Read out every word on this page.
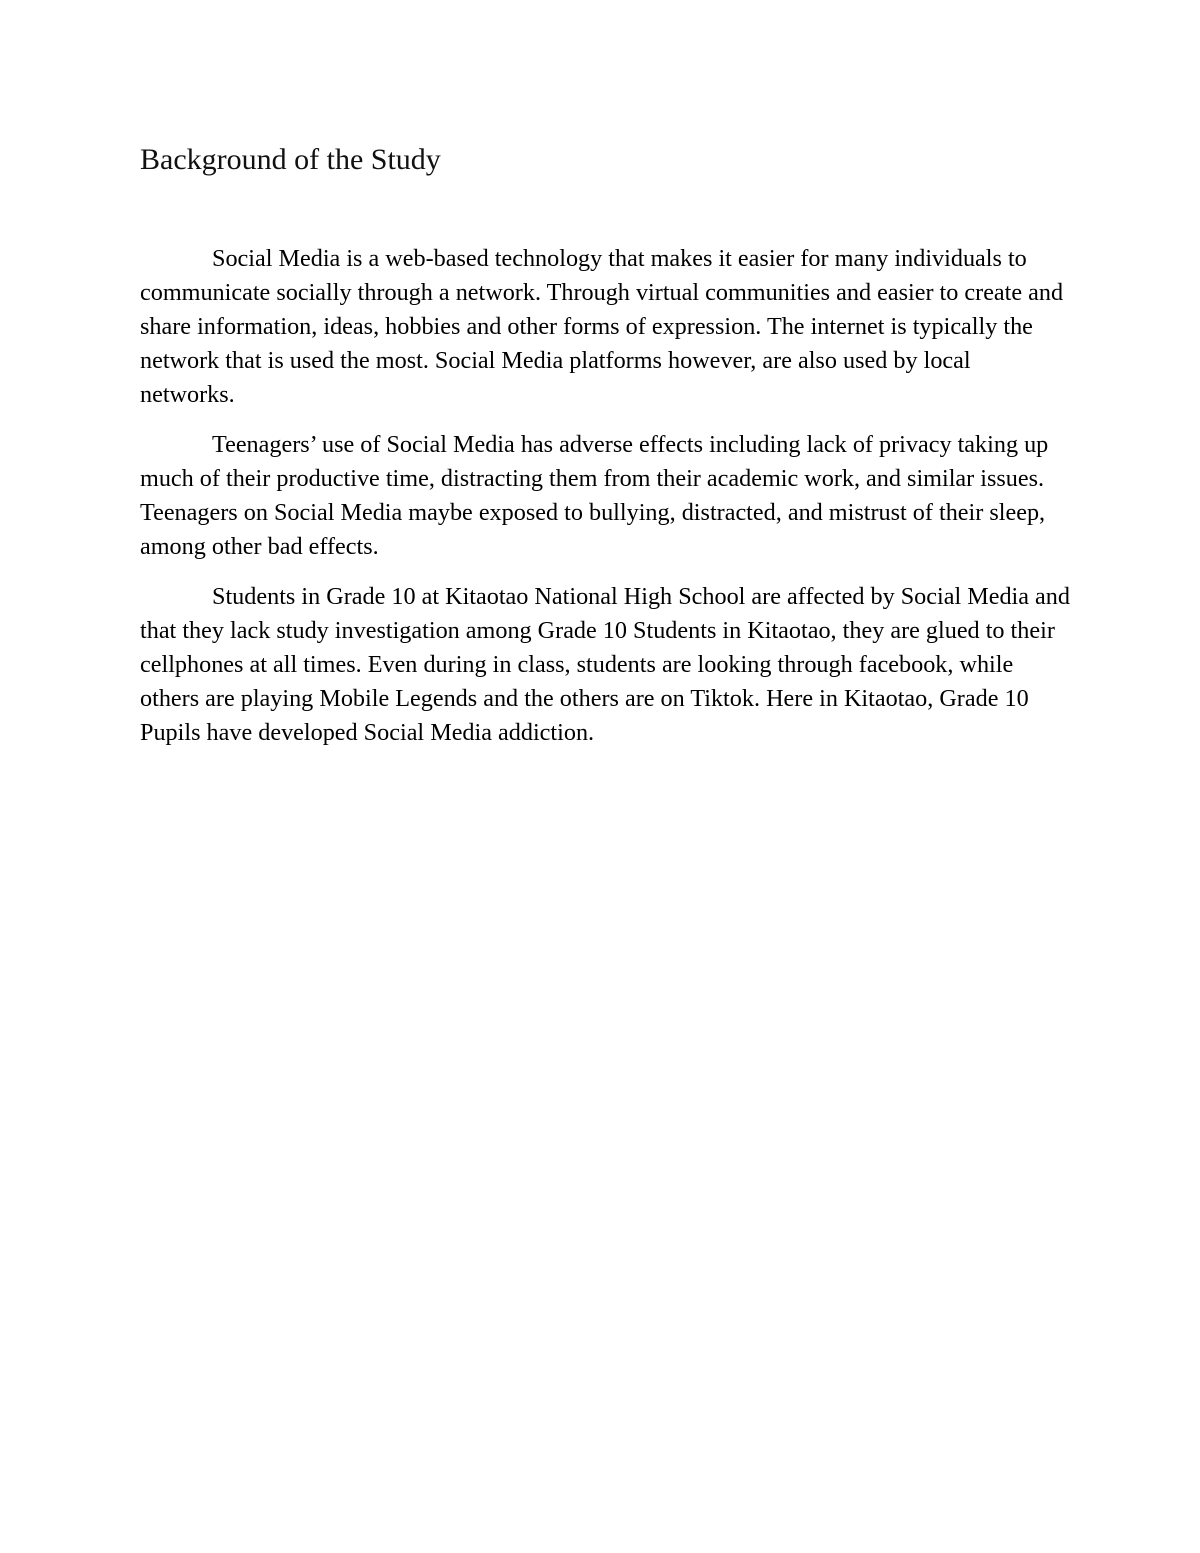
Background of the Study

Social Media is a web-based technology that makes it easier for many individuals to communicate socially through a network. Through virtual communities and easier to create and share information, ideas, hobbies and other forms of expression. The internet is typically the network that is used the most. Social Media platforms however, are also used by local networks.

Teenagers’ use of Social Media has adverse effects including lack of privacy taking up much of their productive time, distracting them from their academic work, and similar issues. Teenagers on Social Media maybe exposed to bullying, distracted, and mistrust of their sleep, among other bad effects.

Students in Grade 10 at Kitaotao National High School are affected by Social Media and that they lack study investigation among Grade 10 Students in Kitaotao, they are glued to their cellphones at all times. Even during in class, students are looking through facebook, while others are playing Mobile Legends and the others are on Tiktok. Here in Kitaotao, Grade 10 Pupils have developed Social Media addiction.
